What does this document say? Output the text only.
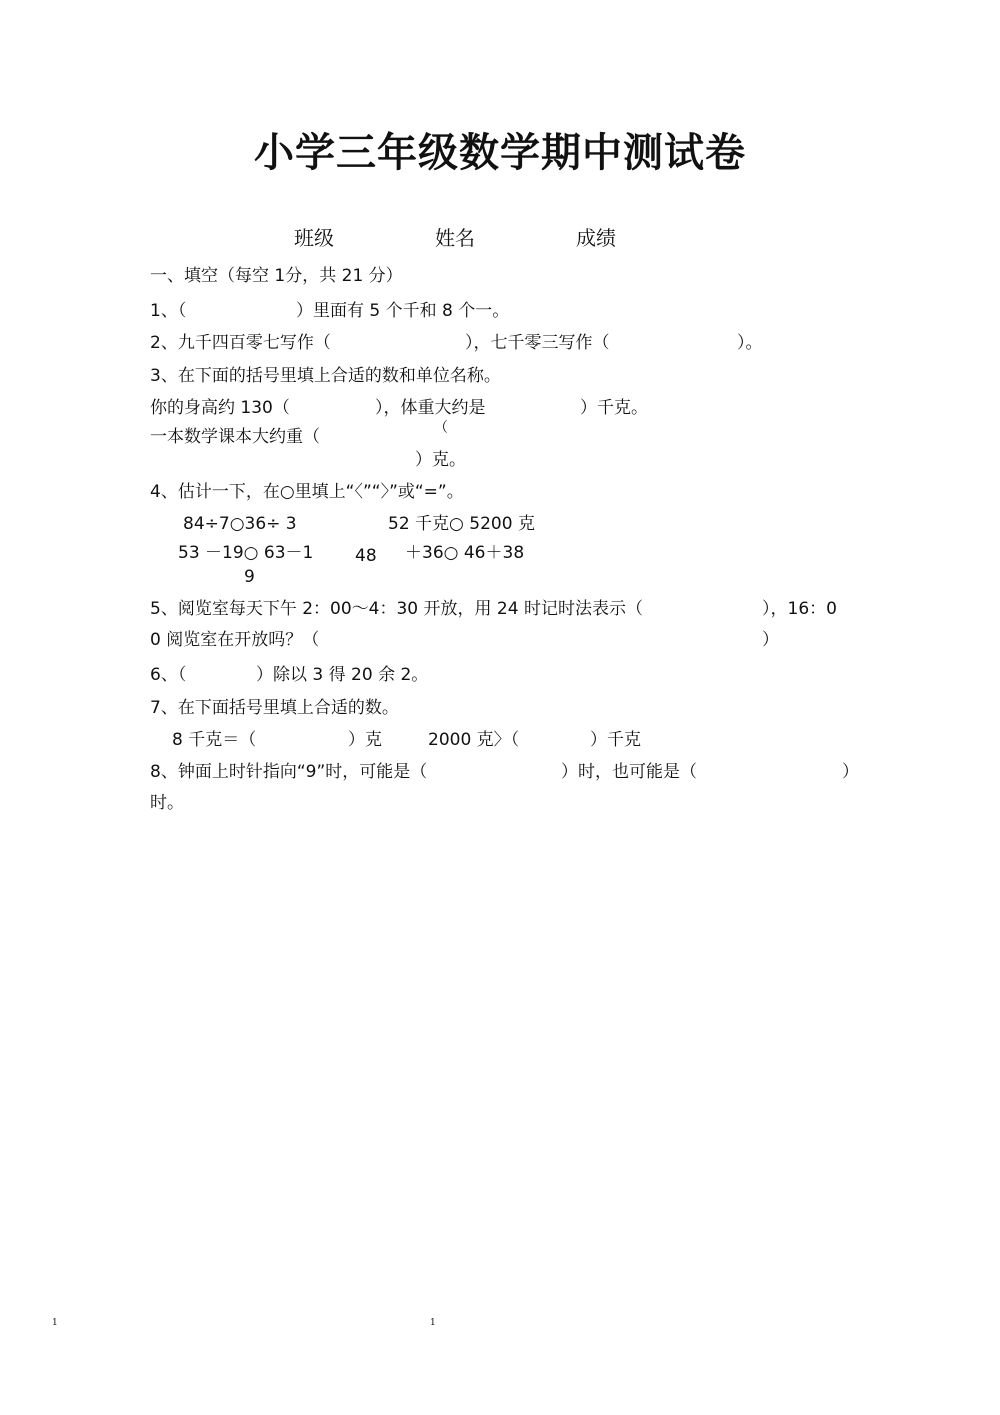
小学三年级数学期中测试卷
班级	姓名	成绩
一、填空（每空 1分，共 21 分）
1、（	）里面有 5 个千和 8 个一。
2、九千四百零七写作（	），七千零三写作（	）。
3、在下面的括号里填上合适的数和单位名称。
你的身高约 130（	），体重大约是	）千克。
一本数学课本大约重（	（
）克。
4、估计一下，在○里填上“〈”“〉”或“=”。
84÷7○36÷ 3	52 千克○ 5200 克
53 －19○ 63－1
9
48 ＋36○ 46＋38
5、阅览室每天下午 2：00～4：30 开放，用 24 时记时法表示（	），16：0
0 阅览室在开放吗？（	）
6、（	）除以 3 得 20 余 2。
7、在下面括号里填上合适的数。
8 千克＝（	）克	2000 克〉（	）千克
8、钟面上时针指向“9”时，可能是（	）时，也可能是（	）
时。
1	1
